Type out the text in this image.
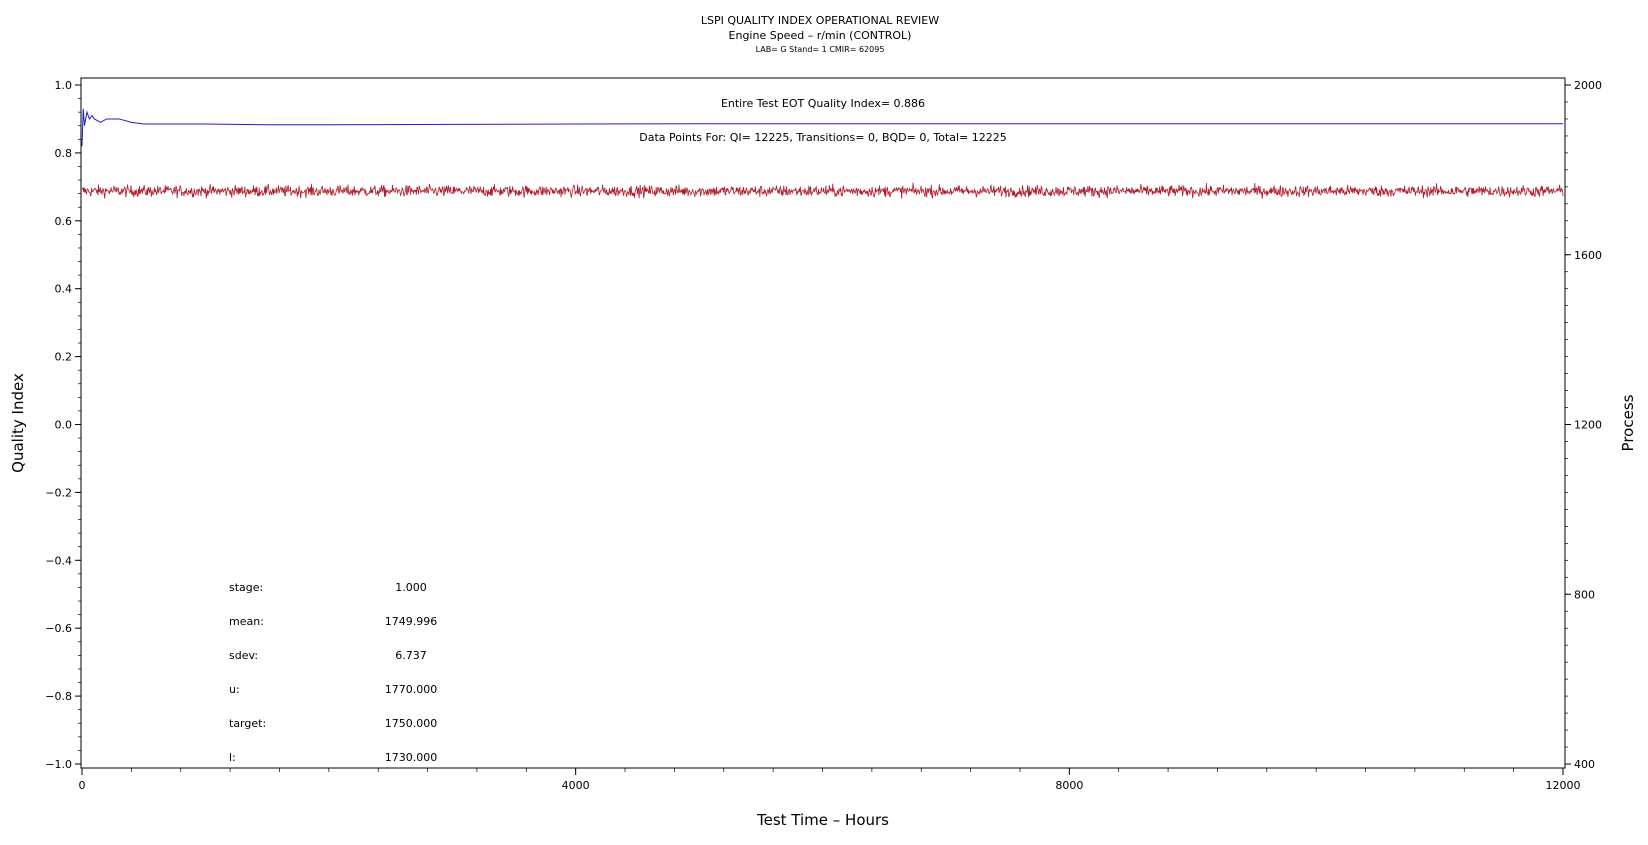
LSPI QUALITY INDEX OPERATIONAL REVIEW
Engine Speed – r/min (CONTROL)
LAB= G Stand= 1 CMIR= 62095
1.0
0.8
0.6
0.4
0.2
0.0
−0.2
−0.4
−0.6
−0.8
−1.0
2000
1600
1200
800
400
0	4000	8000	12000
Entire Test EOT Quality Index= 0.886
Data Points For: QI= 12225, Transitions= 0, BQD= 0, Total= 12225
stage:	1.000
mean:	1749.996
sdev:	6.737
u:	1770.000
target:	1750.000
l:	1730.000
Test Time – Hours
Quality Index	Process
